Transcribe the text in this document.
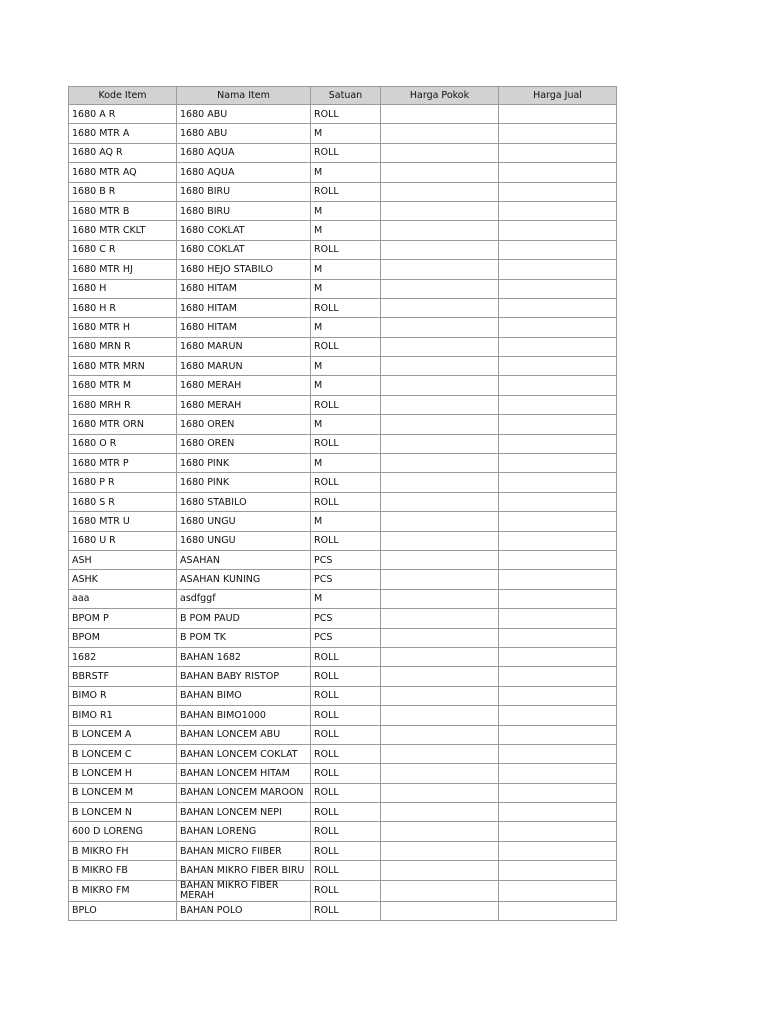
Kode Item	Nama Item	Satuan	Harga Pokok	Harga Jual
1680 A R	1680 ABU	ROLL		
1680 MTR A	1680 ABU	M		
1680 AQ R	1680 AQUA	ROLL		
1680 MTR AQ	1680 AQUA	M		
1680 B R	1680 BIRU	ROLL		
1680 MTR B	1680 BIRU	M		
1680 MTR CKLT	1680 COKLAT	M		
1680 C R	1680 COKLAT	ROLL		
1680 MTR HJ	1680 HEJO STABILO	M		
1680 H	1680 HITAM	M		
1680 H R	1680 HITAM	ROLL		
1680 MTR H	1680 HITAM	M		
1680 MRN R	1680 MARUN	ROLL		
1680 MTR MRN	1680 MARUN	M		
1680 MTR M	1680 MERAH	M		
1680 MRH R	1680 MERAH	ROLL		
1680 MTR ORN	1680 OREN	M		
1680 O R	1680 OREN	ROLL		
1680 MTR P	1680 PINK	M		
1680 P R	1680 PINK	ROLL		
1680 S R	1680 STABILO	ROLL		
1680 MTR U	1680 UNGU	M		
1680 U R	1680 UNGU	ROLL		
ASH	ASAHAN	PCS		
ASHK	ASAHAN KUNING	PCS		
aaa	asdfggf	M		
BPOM P	B POM PAUD	PCS		
BPOM	B POM TK	PCS		
1682	BAHAN 1682	ROLL		
BBRSTF	BAHAN BABY RISTOP	ROLL		
BIMO R	BAHAN BIMO	ROLL		
BIMO R1	BAHAN BIMO1000	ROLL		
B LONCEM A	BAHAN LONCEM ABU	ROLL		
B LONCEM C	BAHAN LONCEM COKLAT	ROLL		
B LONCEM H	BAHAN LONCEM HITAM	ROLL		
B LONCEM M	BAHAN LONCEM MAROON	ROLL		
B LONCEM N	BAHAN LONCEM NEPI	ROLL		
600 D LORENG	BAHAN LORENG	ROLL		
B MIKRO FH	BAHAN MICRO FIIBER	ROLL		
B MIKRO FB	BAHAN MIKRO FIBER BIRU	ROLL		
B MIKRO FM	BAHAN MIKRO FIBER MERAH	ROLL		
BPLO	BAHAN POLO	ROLL		
